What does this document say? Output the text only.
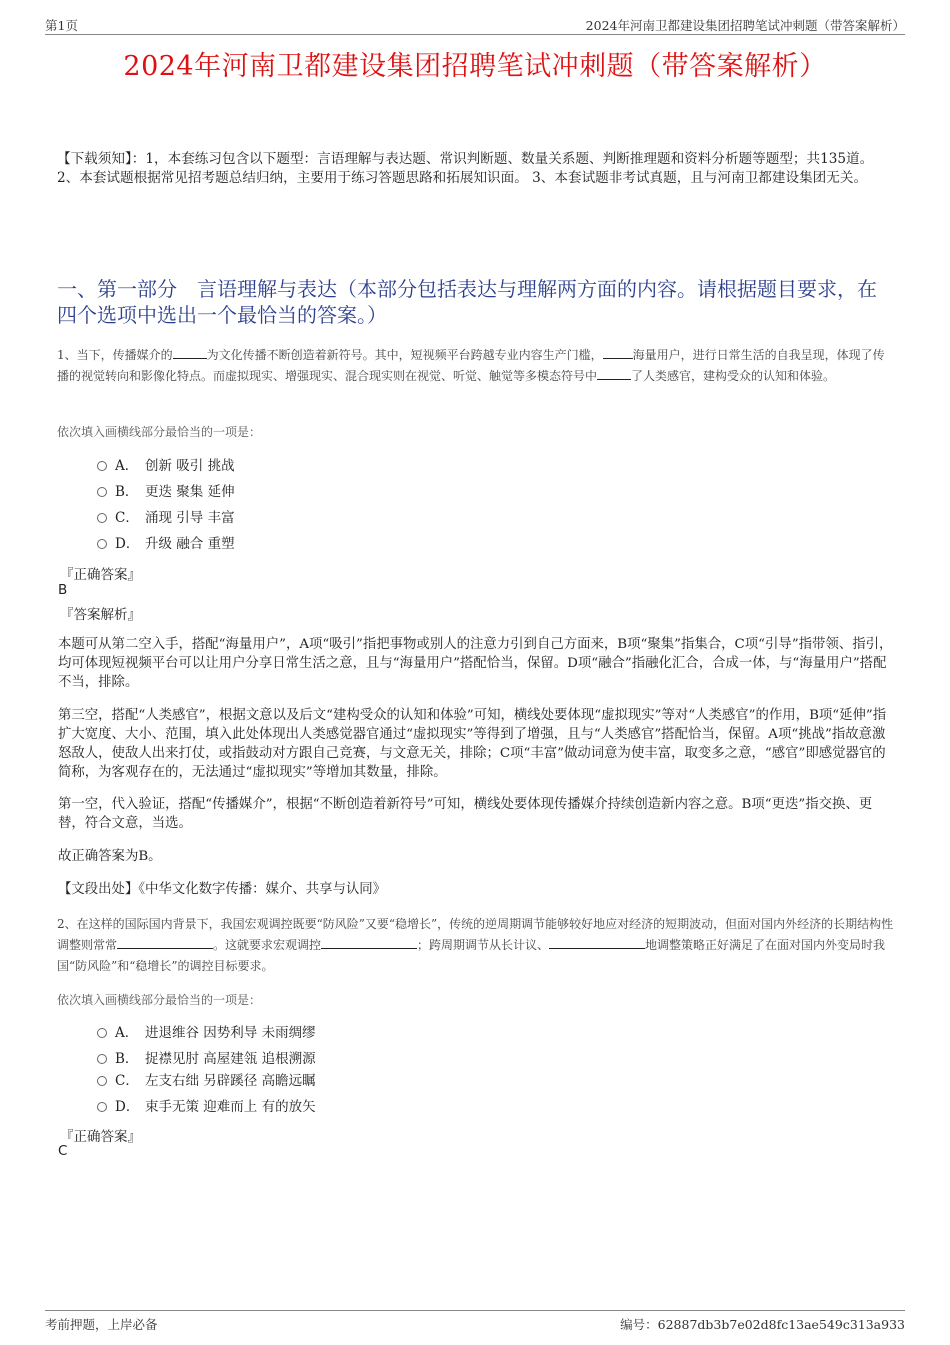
第1页	2024年河南卫都建设集团招聘笔试冲刺题（带答案解析）
2024年河南卫都建设集团招聘笔试冲刺题（带答案解析）
【下载须知】：1，本套练习包含以下题型：言语理解与表达题、常识判断题、数量关系题、判断推理题和资料分析题等题型；共135道。 2、本套试题根据常见招考题总结归纳，主要用于练习答题思路和拓展知识面。 3、本套试题非考试真题，且与河南卫都建设集团无关。
一、第一部分　言语理解与表达（本部分包括表达与理解两方面的内容。请根据题目要求，在四个选项中选出一个最恰当的答案。）
1、当下，传播媒介的	为文化传播不断创造着新符号。其中，短视频平台跨越专业内容生产门槛，	海量用户，进行日常生活的自我呈现，体现了传播的视觉转向和影像化特点。而虚拟现实、增强现实、混合现实则在视觉、听觉、触觉等多模态符号中	了人类感官，建构受众的认知和体验。
依次填入画横线部分最恰当的一项是：
A． 创新 吸引 挑战
B． 更迭 聚集 延伸
C． 涌现 引导 丰富
D． 升级 融合 重塑
『正确答案』
B
『答案解析』
本题可从第二空入手，搭配“海量用户”，A项“吸引”指把事物或别人的注意力引到自己方面来，B项“聚集”指集合，C项“引导”指带领、指引，均可体现短视频平台可以让用户分享日常生活之意，且与“海量用户”搭配恰当，保留。D项“融合”指融化汇合，合成一体，与“海量用户”搭配不当，排除。
第三空，搭配“人类感官”，根据文意以及后文“建构受众的认知和体验”可知，横线处要体现“虚拟现实”等对“人类感官”的作用，B项“延伸”指扩大宽度、大小、范围，填入此处体现出人类感觉器官通过“虚拟现实”等得到了增强，且与“人类感官”搭配恰当，保留。A项“挑战”指故意激怒敌人，使敌人出来打仗，或指鼓动对方跟自己竞赛，与文意无关，排除；C项“丰富”做动词意为使丰富，取变多之意，“感官”即感觉器官的简称，为客观存在的，无法通过“虚拟现实”等增加其数量，排除。
第一空，代入验证，搭配“传播媒介”，根据“不断创造着新符号”可知，横线处要体现传播媒介持续创造新内容之意。B项“更迭”指交换、更替，符合文意，当选。
故正确答案为B。
【文段出处】《中华文化数字传播：媒介、共享与认同》
2、在这样的国际国内背景下，我国宏观调控既要“防风险”又要“稳增长”，传统的逆周期调节能够较好地应对经济的短期波动，但面对国内外经济的长期结构性调整则常常	。这就要求宏观调控	；跨周期调节从长计议、	地调整策略正好满足了在面对国内外变局时我国“防风险”和“稳增长”的调控目标要求。
依次填入画横线部分最恰当的一项是：
A． 进退维谷 因势利导 未雨绸缪
B． 捉襟见肘 高屋建瓴 追根溯源
C． 左支右绌 另辟蹊径 高瞻远瞩
D． 束手无策 迎难而上 有的放矢
『正确答案』
C
考前押题，上岸必备	编号：62887db3b7e02d8fc13ae549c313a933
